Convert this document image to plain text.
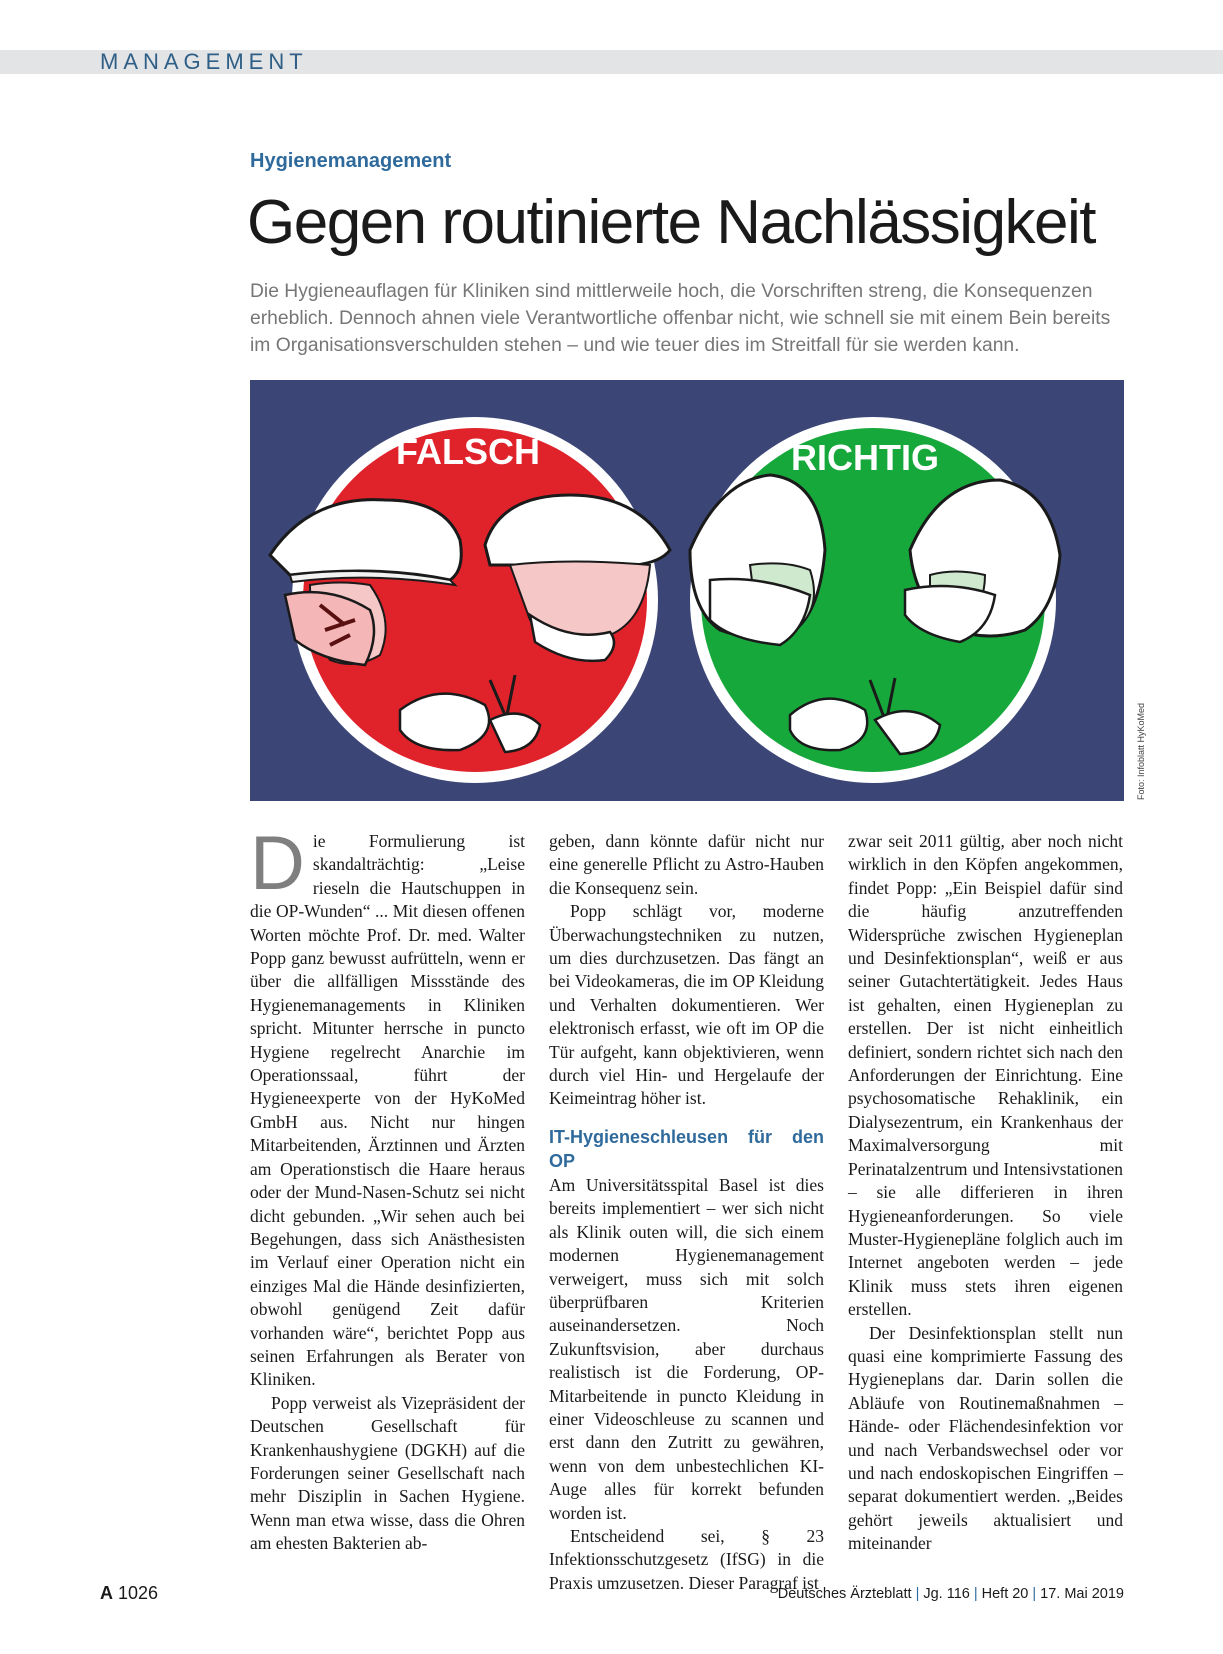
MANAGEMENT
Hygienemanagement
Gegen routinierte Nachlässigkeit

Die Hygieneauflagen für Kliniken sind mittlerweile hoch, die Vorschriften streng, die Konsequenzen erheblich. Dennoch ahnen viele Verantwortliche offenbar nicht, wie schnell sie mit einem Bein bereits im Organisationsverschulden stehen – und wie teuer dies im Streitfall für sie werden kann.

FALSCH	RICHTIG
Foto: Infoblatt HyKoMed

Die Formulierung ist skandalträchtig: „Leise rieseln die Hautschuppen in die OP-Wunden“ ... Mit diesen offenen Worten möchte Prof. Dr. med. Walter Popp ganz bewusst aufrütteln, wenn er über die allfälligen Missstände des Hygienemanagements in Kliniken spricht. Mitunter herrsche in puncto Hygiene regelrecht Anarchie im Operationssaal, führt der Hygieneexperte von der HyKoMed GmbH aus. Nicht nur hingen Mitarbeitenden, Ärztinnen und Ärzten am Operationstisch die Haare heraus oder der Mund-Nasen-Schutz sei nicht dicht gebunden. „Wir sehen auch bei Begehungen, dass sich Anästhesisten im Verlauf einer Operation nicht ein einziges Mal die Hände desinfizierten, obwohl genügend Zeit dafür vorhanden wäre“, berichtet Popp aus seinen Erfahrungen als Berater von Kliniken.

Popp verweist als Vizepräsident der Deutschen Gesellschaft für Krankenhaushygiene (DGKH) auf die Forderungen seiner Gesellschaft nach mehr Disziplin in Sachen Hygiene. Wenn man etwa wisse, dass die Ohren am ehesten Bakterien ab-

geben, dann könnte dafür nicht nur eine generelle Pflicht zu Astro-Hauben die Konsequenz sein.

Popp schlägt vor, moderne Überwachungstechniken zu nutzen, um dies durchzusetzen. Das fängt an bei Videokameras, die im OP Kleidung und Verhalten dokumentieren. Wer elektronisch erfasst, wie oft im OP die Tür aufgeht, kann objektivieren, wenn durch viel Hin- und Hergelaufe der Keimeintrag höher ist.

IT-Hygieneschleusen für den OP

Am Universitätsspital Basel ist dies bereits implementiert – wer sich nicht als Klinik outen will, die sich einem modernen Hygienemanagement verweigert, muss sich mit solch überprüfbaren Kriterien auseinandersetzen. Noch Zukunftsvision, aber durchaus realistisch ist die Forderung, OP-Mitarbeitende in puncto Kleidung in einer Videoschleuse zu scannen und erst dann den Zutritt zu gewähren, wenn von dem unbestechlichen KI-Auge alles für korrekt befunden worden ist.

Entscheidend sei, § 23 Infektionsschutzgesetz (IfSG) in die Praxis umzusetzen. Dieser Paragraf ist

zwar seit 2011 gültig, aber noch nicht wirklich in den Köpfen angekommen, findet Popp: „Ein Beispiel dafür sind die häufig anzutreffenden Widersprüche zwischen Hygieneplan und Desinfektionsplan“, weiß er aus seiner Gutachtertätigkeit. Jedes Haus ist gehalten, einen Hygieneplan zu erstellen. Der ist nicht einheitlich definiert, sondern richtet sich nach den Anforderungen der Einrichtung. Eine psychosomatische Rehaklinik, ein Dialysezentrum, ein Krankenhaus der Maximalversorgung mit Perinatalzentrum und Intensivstationen – sie alle differieren in ihren Hygieneanforderungen. So viele Muster-Hygienepläne folglich auch im Internet angeboten werden – jede Klinik muss stets ihren eigenen erstellen.

Der Desinfektionsplan stellt nun quasi eine komprimierte Fassung des Hygieneplans dar. Darin sollen die Abläufe von Routinemaßnahmen – Hände- oder Flächendesinfektion vor und nach Verbandswechsel oder vor und nach endoskopischen Eingriffen – separat dokumentiert werden. „Beides gehört jeweils aktualisiert und miteinander

A 1026	Deutsches Ärzteblatt | Jg. 116 | Heft 20 | 17. Mai 2019
